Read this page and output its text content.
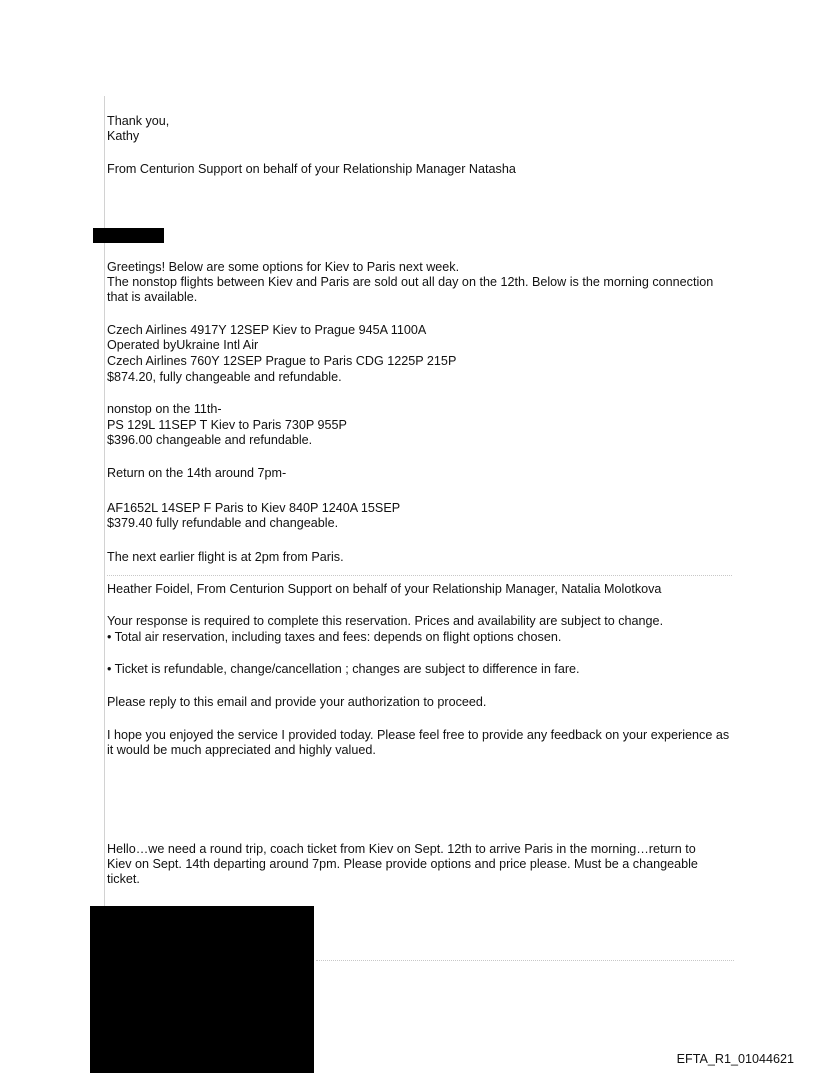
Thank you,

Kathy

From Centurion Support on behalf of your Relationship Manager Natasha

Greetings! Below are some options for Kiev to Paris next week.

The nonstop flights between Kiev and Paris are sold out all day on the 12th. Below is the morning connection that is available.

Czech Airlines 4917Y 12SEP Kiev to Prague 945A 1100A

Operated byUkraine Intl Air

Czech Airlines 760Y 12SEP Prague to Paris CDG 1225P 215P

$874.20, fully changeable and refundable.

nonstop on the 11th-

PS 129L 11SEP T Kiev to Paris 730P 955P

$396.00 changeable and refundable.

Return on the 14th around 7pm-

AF1652L 14SEP F Paris to Kiev 840P 1240A 15SEP

$379.40 fully refundable and changeable.

The next earlier flight is at 2pm from Paris.

Heather Foidel, From Centurion Support on behalf of your Relationship Manager, Natalia Molotkova

Your response is required to complete this reservation. Prices and availability are subject to change.

• Total air reservation, including taxes and fees: depends on flight options chosen.

• Ticket is refundable, change/cancellation ; changes are subject to difference in fare.

Please reply to this email and provide your authorization to proceed.

I hope you enjoyed the service I provided today. Please feel free to provide any feedback on your experience as it would be much appreciated and highly valued.

Hello…we need a round trip, coach ticket from Kiev on Sept. 12th to arrive Paris in the morning…return to Kiev on Sept. 14th departing around 7pm. Please provide options and price please. Must be a changeable ticket.

EFTA_R1_01044621
